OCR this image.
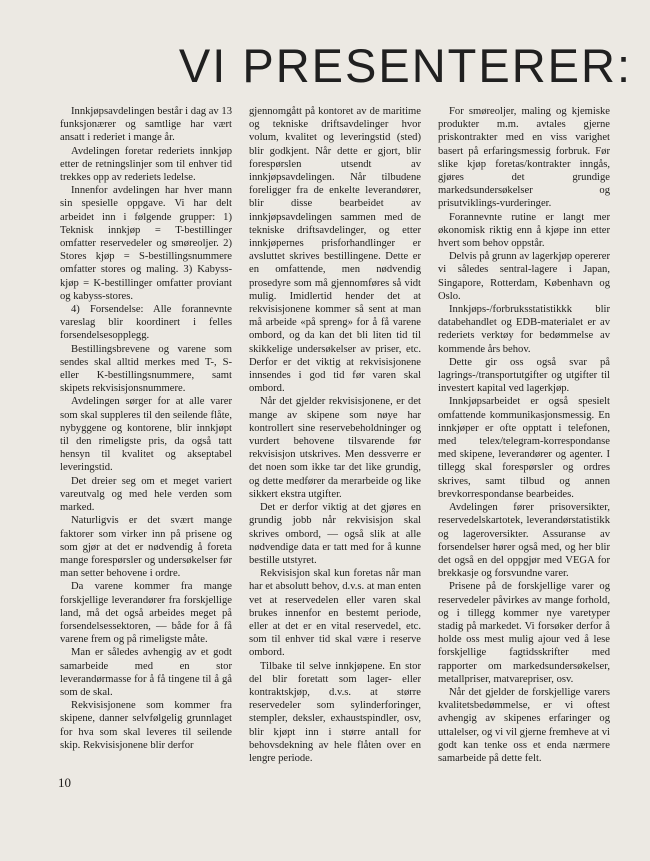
VI PRESENTERER:

Innkjøpsavdelingen består i dag av 13 funksjonærer og samtlige har vært ansatt i rederiet i mange år.

Avdelingen foretar rederiets innkjøp etter de retningslinjer som til enhver tid trekkes opp av rederiets ledelse.

Innenfor avdelingen har hver mann sin spesielle oppgave. Vi har delt arbeidet inn i følgende grupper: 1) Teknisk innkjøp = T-bestillinger omfatter reservedeler og smøreoljer. 2) Stores kjøp = S-bestillingsnummere omfatter stores og maling. 3) Kabyss-kjøp = K-bestillinger omfatter proviant og kabyss-stores.

4) Forsendelse: Alle forannevnte vareslag blir koordinert i felles forsendelsesopplegg.

Bestillingsbrevene og varene som sendes skal alltid merkes med T-, S- eller K-bestillingsnummere, samt skipets rekvisisjonsnummere.

Avdelingen sørger for at alle varer som skal suppleres til den seilende flåte, nybyggene og kontorene, blir innkjøpt til den rimeligste pris, da også tatt hensyn til kvalitet og akseptabel leveringstid.

Det dreier seg om et meget variert vareutvalg og med hele verden som marked.

Naturligvis er det svært mange faktorer som virker inn på prisene og som gjør at det er nødvendig å foreta mange forespørsler og undersøkelser før man setter behovene i ordre.

Da varene kommer fra mange forskjellige leverandører fra forskjellige land, må det også arbeides meget på forsendelsessektoren, — både for å få varene frem og på rimeligste måte.

Man er således avhengig av et godt samarbeide med en stor leverandørmasse for å få tingene til å gå som de skal.

Rekvisisjonene som kommer fra skipene, danner selvfølgelig grunnlaget for hva som skal leveres til seilende skip. Rekvisisjonene blir derfor

gjennomgått på kontoret av de maritime og tekniske driftsavdelinger hvor volum, kvalitet og leveringstid (sted) blir godkjent. Når dette er gjort, blir forespørslen utsendt av innkjøpsavdelingen. Når tilbudene foreligger fra de enkelte leverandører, blir disse bearbeidet av innkjøpsavdelingen sammen med de tekniske driftsavdelinger, og etter innkjøpernes prisforhandlinger er avsluttet skrives bestillingene. Dette er en omfattende, men nødvendig prosedyre som må gjennomføres så vidt mulig. Imidlertid hender det at rekvisisjonene kommer så sent at man må arbeide «på spreng» for å få varene ombord, og da kan det bli liten tid til skikkelige undersøkelser av priser, etc. Derfor er det viktig at rekvisisjonene innsendes i god tid før varen skal ombord.

Når det gjelder rekvisisjonene, er det mange av skipene som nøye har kontrollert sine reservebeholdninger og vurdert behovene tilsvarende før rekvisisjon utskrives. Men dessverre er det noen som ikke tar det like grundig, og dette medfører da merarbeide og like sikkert ekstra utgifter.

Det er derfor viktig at det gjøres en grundig jobb når rekvisisjon skal skrives ombord, — også slik at alle nødvendige data er tatt med for å kunne bestille utstyret.

Rekvisisjon skal kun foretas når man har et absolutt behov, d.v.s. at man enten vet at reservedelen eller varen skal brukes innenfor en bestemt periode, eller at det er en vital reservedel, etc. som til enhver tid skal være i reserve ombord.

Tilbake til selve innkjøpene. En stor del blir foretatt som lager- eller kontraktskjøp, d.v.s. at større reservedeler som sylinderforinger, stempler, deksler, exhaustspindler, osv, blir kjøpt inn i større antall for behovsdekning av hele flåten over en lengre periode.

For smøreoljer, maling og kjemiske produkter m.m. avtales gjerne priskontrakter med en viss varighet basert på erfaringsmessig forbruk. Før slike kjøp foretas/kontrakter inngås, gjøres det grundige markedsundersøkelser og prisutviklings-vurderinger.

Forannevnte rutine er langt mer økonomisk riktig enn å kjøpe inn etter hvert som behov oppstår.

Delvis på grunn av lagerkjøp opererer vi således sentral-lagere i Japan, Singapore, Rotterdam, København og Oslo.

Innkjøps-/forbruksstatistikkk blir databehandlet og EDB-materialet er av rederiets verktøy for bedømmelse av kommende års behov.

Dette gir oss også svar på lagrings-/transportutgifter og utgifter til investert kapital ved lagerkjøp.

Innkjøpsarbeidet er også spesielt omfattende kommunikasjonsmessig. En innkjøper er ofte opptatt i telefonen, med telex/telegram-korrespondanse med skipene, leverandører og agenter. I tillegg skal forespørsler og ordres skrives, samt tilbud og annen brevkorrespondanse bearbeides.

Avdelingen fører prisoversikter, reservedelskartotek, leverandørstatistikk og lageroversikter. Assuranse av forsendelser hører også med, og her blir det også en del oppgjør med VEGA for brekkasje og forsvundne varer.

Prisene på de forskjellige varer og reservedeler påvirkes av mange forhold, og i tillegg kommer nye varetyper stadig på markedet. Vi forsøker derfor å holde oss mest mulig ajour ved å lese forskjellige fagtidsskrifter med rapporter om markedsundersøkelser, metallpriser, matvarepriser, osv.

Når det gjelder de forskjellige varers kvalitetsbedømmelse, er vi oftest avhengig av skipenes erfaringer og uttalelser, og vi vil gjerne fremheve at vi godt kan tenke oss et enda nærmere samarbeide på dette felt.

10
